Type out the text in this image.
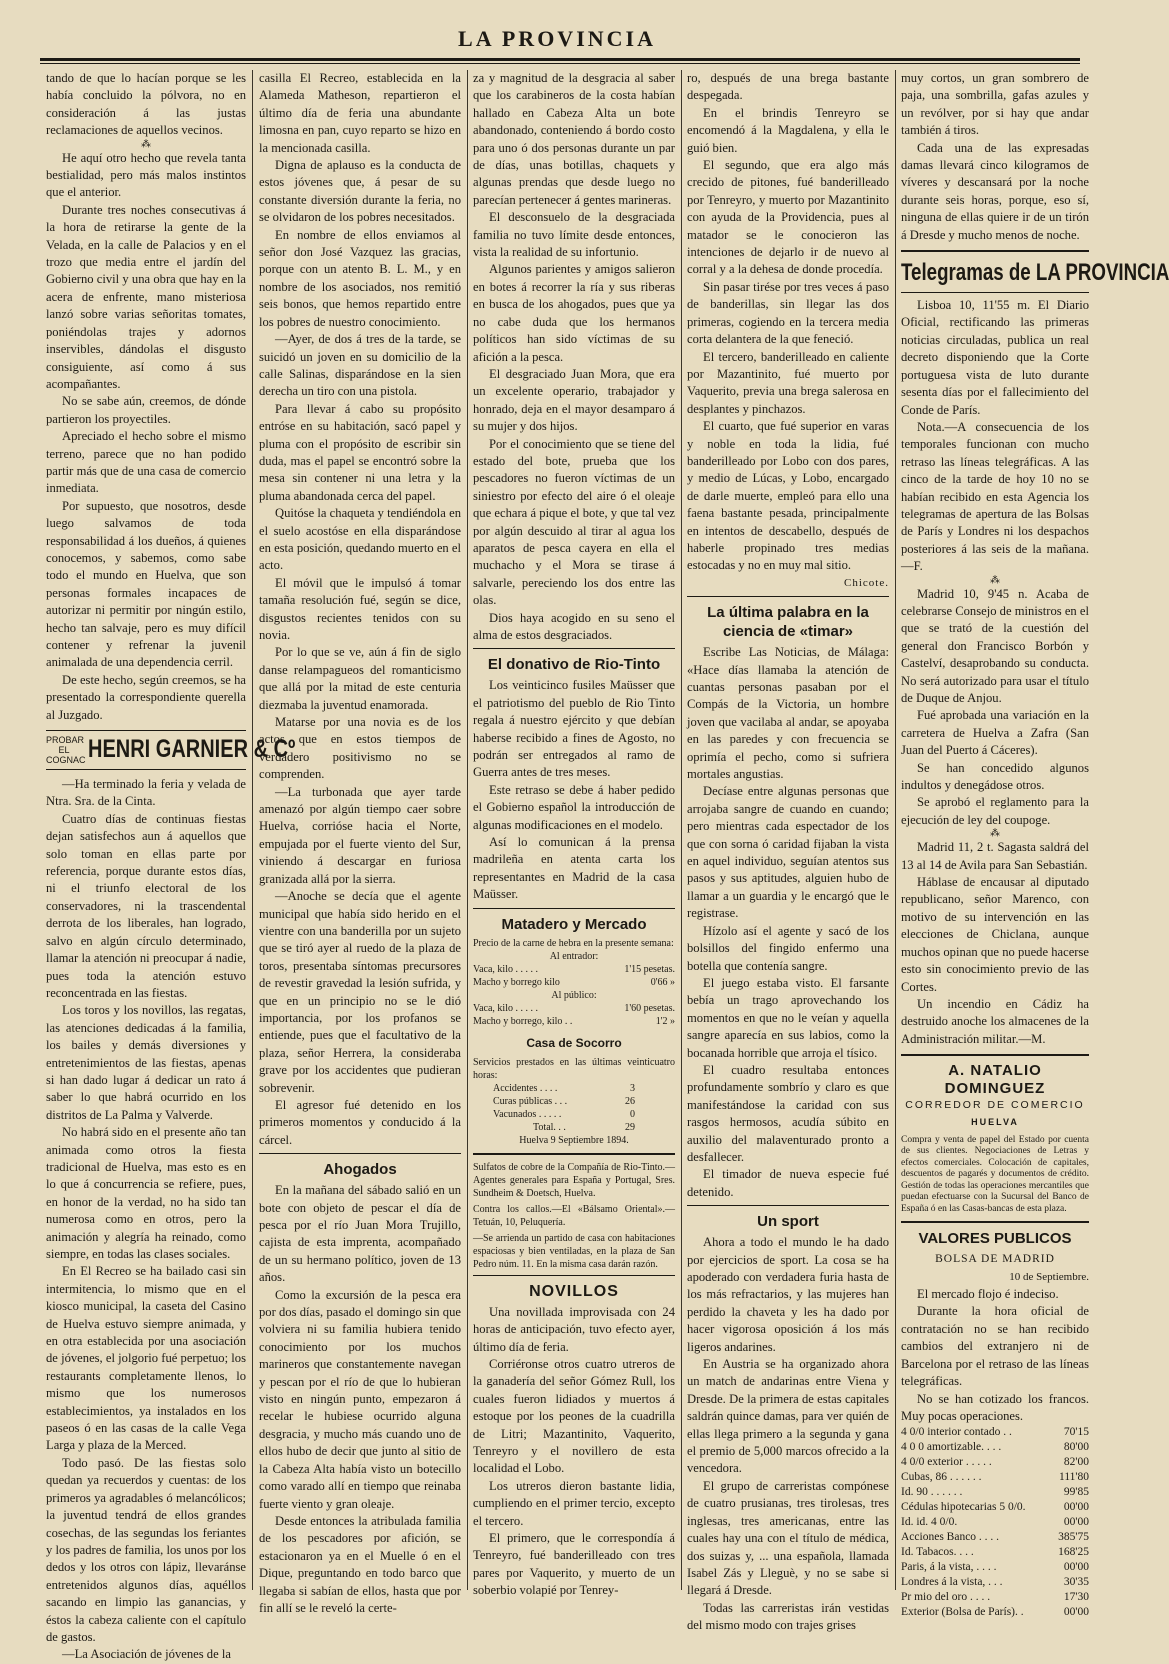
LA PROVINCIA

tando de que lo hacían porque se les había concluido la pólvora, no en consideración á las justas reclamaciones de aquellos vecinos.

⁂

He aquí otro hecho que revela tanta bestialidad, pero más malos instintos que el anterior.

Durante tres noches consecutivas á la hora de retirarse la gente de la Velada, en la calle de Palacios y en el trozo que media entre el jardín del Gobierno civil y una obra que hay en la acera de enfrente, mano misteriosa lanzó sobre varias señoritas tomates, poniéndolas trajes y adornos inservibles, dándolas el disgusto consiguiente, así como á sus acompañantes.

No se sabe aún, creemos, de dónde partieron los proyectiles.

Apreciado el hecho sobre el mismo terreno, parece que no han podido partir más que de una casa de comercio inmediata.

Por supuesto, que nosotros, desde luego salvamos de toda responsabilidad á los dueños, á quienes conocemos, y sabemos, como sabe todo el mundo en Huelva, que son personas formales incapaces de autorizar ni permitir por ningún estilo, hecho tan salvaje, pero es muy difícil contener y refrenar la juvenil animalada de una dependencia cerril.

De este hecho, según creemos, se ha presentado la correspondiente querella al Juzgado.

PROBAR EL COGNAC HENRI GARNIER & Cº

—Ha terminado la feria y velada de Ntra. Sra. de la Cinta.

Cuatro días de continuas fiestas dejan satisfechos aun á aquellos que solo toman en ellas parte por referencia, porque durante estos días, ni el triunfo electoral de los conservadores, ni la trascendental derrota de los liberales, han logrado, salvo en algún círculo determinado, llamar la atención ni preocupar á nadie, pues toda la atención estuvo reconcentrada en las fiestas.

Los toros y los novillos, las regatas, las atenciones dedicadas á la familia, los bailes y demás diversiones y entretenimientos de las fiestas, apenas si han dado lugar á dedicar un rato á saber lo que habrá ocurrido en los distritos de La Palma y Valverde.

No habrá sido en el presente año tan animada como otros la fiesta tradicional de Huelva, mas esto es en lo que á concurrencia se refiere, pues, en honor de la verdad, no ha sido tan numerosa como en otros, pero la animación y alegría ha reinado, como siempre, en todas las clases sociales.

En El Recreo se ha bailado casi sin intermitencia, lo mismo que en el kiosco municipal, la caseta del Casino de Huelva estuvo siempre animada, y en otra establecida por una asociación de jóvenes, el jolgorio fué perpetuo; los restaurants completamente llenos, lo mismo que los numerosos establecimientos, ya instalados en los paseos ó en las casas de la calle Vega Larga y plaza de la Merced.

Todo pasó. De las fiestas solo quedan ya recuerdos y cuentas: de los primeros ya agradables ó melancólicos; la juventud tendrá de ellos grandes cosechas, de las segundas los feriantes y los padres de familia, los unos por los dedos y los otros con lápiz, llevaránse entretenidos algunos días, aquéllos sacando en limpio las ganancias, y éstos la cabeza caliente con el capítulo de gastos.

—La Asociación de jóvenes de la

casilla El Recreo, establecida en la Alameda Matheson, repartieron el último día de feria una abundante limosna en pan, cuyo reparto se hizo en la mencionada casilla.

Digna de aplauso es la conducta de estos jóvenes que, á pesar de su constante diversión durante la feria, no se olvidaron de los pobres necesitados.

En nombre de ellos enviamos al señor don José Vazquez las gracias, porque con un atento B. L. M., y en nombre de los asociados, nos remitió seis bonos, que hemos repartido entre los pobres de nuestro conocimiento.

—Ayer, de dos á tres de la tarde, se suicidó un joven en su domicilio de la calle Salinas, disparándose en la sien derecha un tiro con una pistola.

Para llevar á cabo su propósito entróse en su habitación, sacó papel y pluma con el propósito de escribir sin duda, mas el papel se encontró sobre la mesa sin contener ni una letra y la pluma abandonada cerca del papel.

Quitóse la chaqueta y tendiéndola en el suelo acostóse en ella disparándose en esta posición, quedando muerto en el acto.

El móvil que le impulsó á tomar tamaña resolución fué, según se dice, disgustos recientes tenidos con su novia.

Por lo que se ve, aún á fin de siglo danse relampagueos del romanticismo que allá por la mitad de este centuria diezmaba la juventud enamorada.

Matarse por una novia es de los actos que en estos tiempos de verdadero positivismo no se comprenden.

—La turbonada que ayer tarde amenazó por algún tiempo caer sobre Huelva, corrióse hacia el Norte, empujada por el fuerte viento del Sur, viniendo á descargar en furiosa granizada allá por la sierra.

—Anoche se decía que el agente municipal que había sido herido en el vientre con una banderilla por un sujeto que se tiró ayer al ruedo de la plaza de toros, presentaba síntomas precursores de revestir gravedad la lesión sufrida, y que en un principio no se le dió importancia, por los profanos se entiende, pues que el facultativo de la plaza, señor Herrera, la consideraba grave por los accidentes que pudieran sobrevenir.

El agresor fué detenido en los primeros momentos y conducido á la cárcel.

Ahogados

En la mañana del sábado salió en un bote con objeto de pescar el día de pesca por el río Juan Mora Trujillo, cajista de esta imprenta, acompañado de un su hermano político, joven de 13 años.

Como la excursión de la pesca era por dos días, pasado el domingo sin que volviera ni su familia hubiera tenido conocimiento por los muchos marineros que constantemente navegan y pescan por el río de que lo hubieran visto en ningún punto, empezaron á recelar le hubiese ocurrido alguna desgracia, y mucho más cuando uno de ellos hubo de decir que junto al sitio de la Cabeza Alta había visto un botecillo como varado allí en tiempo que reinaba fuerte viento y gran oleaje.

Desde entonces la atribulada familia de los pescadores por afición, se estacionaron ya en el Muelle ó en el Dique, preguntando en todo barco que llegaba si sabían de ellos, hasta que por fin allí se le reveló la certe-

za y magnitud de la desgracia al saber que los carabineros de la costa habían hallado en Cabeza Alta un bote abandonado, conteniendo á bordo costo para uno ó dos personas durante un par de días, unas botillas, chaquets y algunas prendas que desde luego no parecían pertenecer á gentes marineras.

El desconsuelo de la desgraciada familia no tuvo límite desde entonces, vista la realidad de su infortunio.

Algunos parientes y amigos salieron en botes á recorrer la ría y sus riberas en busca de los ahogados, pues que ya no cabe duda que los hermanos políticos han sido víctimas de su afición a la pesca.

El desgraciado Juan Mora, que era un excelente operario, trabajador y honrado, deja en el mayor desamparo á su mujer y dos hijos.

Por el conocimiento que se tiene del estado del bote, prueba que los pescadores no fueron víctimas de un siniestro por efecto del aire ó el oleaje que echara á pique el bote, y que tal vez por algún descuido al tirar al agua los aparatos de pesca cayera en ella el muchacho y el Mora se tirase á salvarle, pereciendo los dos entre las olas.

Dios haya acogido en su seno el alma de estos desgraciados.

El donativo de Rio-Tinto

Los veinticinco fusiles Maüsser que el patriotismo del pueblo de Rio Tinto regala á nuestro ejército y que debían haberse recibido a fines de Agosto, no podrán ser entregados al ramo de Guerra antes de tres meses.

Este retraso se debe á haber pedido el Gobierno español la introducción de algunas modificaciones en el modelo.

Así lo comunican á la prensa madrileña en atenta carta los representantes en Madrid de la casa Maüsser.

Matadero y Mercado
Precio de la carne de hebra en la presente semana:
Al entrador:
Vaca, kilo . . . . .	1'15 pesetas.
Macho y borrego kilo	0'66 »
Al público:
Vaca, kilo . . . . .	1'60 pesetas.
Macho y borrego, kilo . .	1'2 »
Casa de Socorro
Servicios prestados en las últimas veinticuatro horas:
Accidentes . . . .	3
Curas públicas . . .	26
Vacunados . . . . .	0
Total. . .	29
Huelva 9 Septiembre 1894.
Sulfatos de cobre de la Compañía de Rio-Tinto.—Agentes generales para España y Portugal, Sres. Sundheim & Doetsch, Huelva.
Contra los callos.—El «Bálsamo Oriental».—Tetuán, 10, Peluquería.
—Se arrienda un partido de casa con habitaciones espaciosas y bien ventiladas, en la plaza de San Pedro núm. 11. En la misma casa darán razón.
NOVILLOS

Una novillada improvisada con 24 horas de anticipación, tuvo efecto ayer, último día de feria.

Corriéronse otros cuatro utreros de la ganadería del señor Gómez Rull, los cuales fueron lidiados y muertos á estoque por los peones de la cuadrilla de Litri; Mazantinito, Vaquerito, Tenreyro y el novillero de esta localidad el Lobo.

Los utreros dieron bastante lidia, cumpliendo en el primer tercio, excepto el tercero.

El primero, que le correspondía á Tenreyro, fué banderilleado con tres pares por Vaquerito, y muerto de un soberbio volapié por Tenrey-

ro, después de una brega bastante despegada.

En el brindis Tenreyro se encomendó á la Magdalena, y ella le guió bien.

El segundo, que era algo más crecido de pitones, fué banderilleado por Tenreyro, y muerto por Mazantinito con ayuda de la Providencia, pues al matador se le conocieron las intenciones de dejarlo ir de nuevo al corral y a la dehesa de donde procedía.

Sin pasar tirése por tres veces á paso de banderillas, sin llegar las dos primeras, cogiendo en la tercera media corta delantera de la que feneció.

El tercero, banderilleado en caliente por Mazantinito, fué muerto por Vaquerito, previa una brega salerosa en desplantes y pinchazos.

El cuarto, que fué superior en varas y noble en toda la lidia, fué banderilleado por Lobo con dos pares, y medio de Lúcas, y Lobo, encargado de darle muerte, empleó para ello una faena bastante pesada, principalmente en intentos de descabello, después de haberle propinado tres medias estocadas y no en muy mal sitio.

Chicote.
La última palabra en la ciencia de «timar»

Escribe Las Noticias, de Málaga: «Hace días llamaba la atención de cuantas personas pasaban por el Compás de la Victoria, un hombre joven que vacilaba al andar, se apoyaba en las paredes y con frecuencia se oprimía el pecho, como si sufriera mortales angustias.

Decíase entre algunas personas que arrojaba sangre de cuando en cuando; pero mientras cada espectador de los que con sorna ó caridad fijaban la vista en aquel individuo, seguían atentos sus pasos y sus aptitudes, alguien hubo de llamar a un guardia y le encargó que le registrase.

Hízolo así el agente y sacó de los bolsillos del fingido enfermo una botella que contenía sangre.

El juego estaba visto. El farsante bebía un trago aprovechando los momentos en que no le veían y aquella sangre aparecía en sus labios, como la bocanada horrible que arroja el tísico.

El cuadro resultaba entonces profundamente sombrío y claro es que manifestándose la caridad con sus rasgos hermosos, acudía súbito en auxilio del malaventurado pronto a desfallecer.

El timador de nueva especie fué detenido.

Un sport

Ahora a todo el mundo le ha dado por ejercicios de sport. La cosa se ha apoderado con verdadera furia hasta de los más refractarios, y las mujeres han perdido la chaveta y les ha dado por hacer vigorosa oposición á los más ligeros andarines.

En Austria se ha organizado ahora un match de andarinas entre Viena y Dresde. De la primera de estas capitales saldrán quince damas, para ver quién de ellas llega primero a la segunda y gana el premio de 5,000 marcos ofrecido a la vencedora.

El grupo de carreristas compónese de cuatro prusianas, tres tirolesas, tres inglesas, tres americanas, entre las cuales hay una con el título de médica, dos suizas y, ... una española, llamada Isabel Zás y Lleguè, y no se sabe si llegará á Dresde.

Todas las carreristas irán vestidas del mismo modo con trajes grises

muy cortos, un gran sombrero de paja, una sombrilla, gafas azules y un revólver, por si hay que andar también á tiros.

Cada una de las expresadas damas llevará cinco kilogramos de víveres y descansará por la noche durante seis horas, porque, eso sí, ninguna de ellas quiere ir de un tirón á Dresde y mucho menos de noche.

Telegramas de LA PROVINCIA

Lisboa 10, 11'55 m. El Diario Oficial, rectificando las primeras noticias circuladas, publica un real decreto disponiendo que la Corte portuguesa vista de luto durante sesenta días por el fallecimiento del Conde de París.

Nota.—A consecuencia de los temporales funcionan con mucho retraso las líneas telegráficas. A las cinco de la tarde de hoy 10 no se habían recibido en esta Agencia los telegramas de apertura de las Bolsas de París y Londres ni los despachos posteriores á las seis de la mañana.—F.

⁂

Madrid 10, 9'45 n. Acaba de celebrarse Consejo de ministros en el que se trató de la cuestión del general don Francisco Borbón y Castelví, desaprobando su conducta. No será autorizado para usar el título de Duque de Anjou.

Fué aprobada una variación en la carretera de Huelva a Zafra (San Juan del Puerto á Cáceres).

Se han concedido algunos indultos y denegádose otros.

Se aprobó el reglamento para la ejecución de ley del coupoge.

⁂

Madrid 11, 2 t. Sagasta saldrá del 13 al 14 de Avila para San Sebastián.

Háblase de encausar al diputado republicano, señor Marenco, con motivo de su intervención en las elecciones de Chiclana, aunque muchos opinan que no puede hacerse esto sin conocimiento previo de las Cortes.

Un incendio en Cádiz ha destruido anoche los almacenes de la Administración militar.—M.

A. NATALIO DOMINGUEZ
CORREDOR DE COMERCIO
HUELVA
Compra y venta de papel del Estado por cuenta de sus clientes. Negociaciones de Letras y efectos comerciales. Colocación de capitales, descuentos de pagarés y documentos de crédito. Gestión de todas las operaciones mercantiles que puedan efectuarse con la Sucursal del Banco de España ó en las Casas-bancas de esta plaza.
VALORES PUBLICOS
BOLSA DE MADRID
10 de Septiembre.

El mercado flojo é indeciso.

Durante la hora oficial de contratación no se han recibido cambios del extranjero ni de Barcelona por el retraso de las líneas telegráficas.

No se han cotizado los francos. Muy pocas operaciones.

4 0/0 interior contado . .	70'15
4 0 0 amortizable. . . .	80'00
4 0/0 exterior . . . . .	82'00
Cubas, 86 . . . . . .	111'80
Id. 90 . . . . . .	99'85
Cédulas hipotecarias 5 0/0.	00'00
Id. id. 4 0/0.	00'00
Acciones Banco . . . .	385'75
Id. Tabacos. . . .	168'25
Paris, á la vista, . . . .	00'00
Londres á la vista, . . .	30'35
Pr mio del oro . . . .	17'30
Exterior (Bolsa de París). .	00'00
